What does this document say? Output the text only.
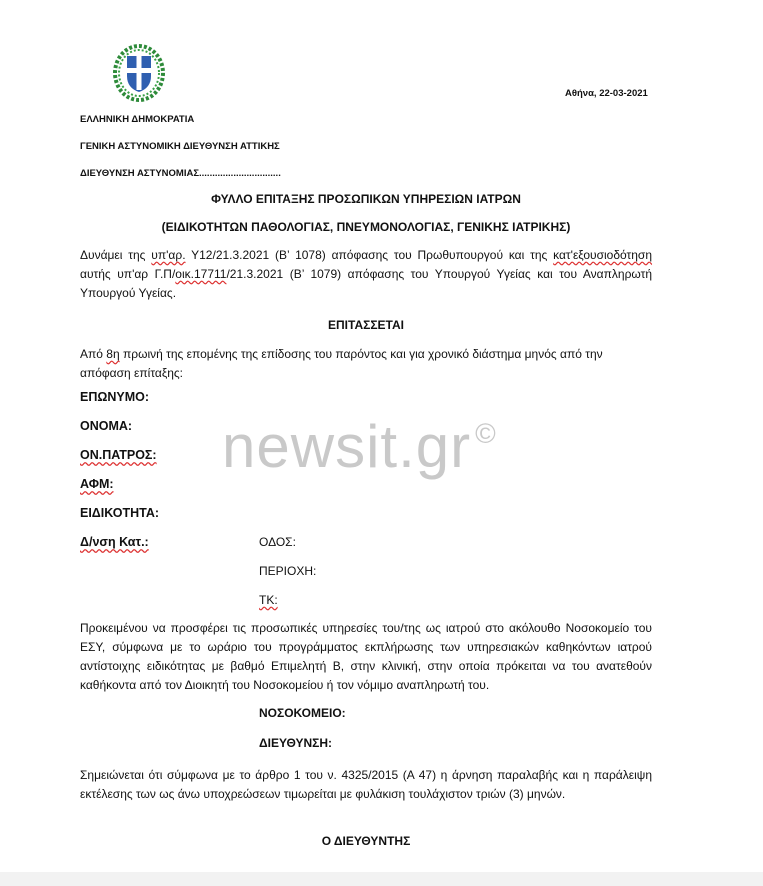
Αθήνα, 22-03-2021
ΕΛΛΗΝΙΚΗ ΔΗΜΟΚΡΑΤΙΑ
ΓΕΝΙΚΗ ΑΣΤΥΝΟΜΙΚΗ ΔΙΕΥΘΥΝΣΗ ΑΤΤΙΚΗΣ
ΔΙΕΥΘΥΝΣΗ ΑΣΤΥΝΟΜΙΑΣ...............................
ΦΥΛΛΟ ΕΠΙΤΑΞΗΣ ΠΡΟΣΩΠΙΚΩΝ ΥΠΗΡΕΣΙΩΝ ΙΑΤΡΩΝ
(ΕΙΔΙΚΟΤΗΤΩΝ ΠΑΘΟΛΟΓΙΑΣ, ΠΝΕΥΜΟΝΟΛΟΓΙΑΣ, ΓΕΝΙΚΗΣ ΙΑΤΡΙΚΗΣ)
Δυνάμει της υπ'αρ. Υ12/21.3.2021 (Β’ 1078) απόφασης του Πρωθυπουργού και της κατ'εξουσιοδότηση αυτής υπ'αρ Γ.Π/οικ.17711/21.3.2021 (Β’ 1079) απόφασης του Υπουργού Υγείας και του Αναπληρωτή Υπουργού Υγείας.
ΕΠΙΤΑΣΣΕΤΑΙ
Από 8η πρωινή της επομένης της επίδοσης του παρόντος και για χρονικό διάστημα μηνός από την απόφαση επίταξης:
ΕΠΩΝΥΜΟ:
ΟΝΟΜΑ:
ΟΝ.ΠΑΤΡΟΣ:
ΑΦΜ:
ΕΙΔΙΚΟΤΗΤΑ:
Δ/νση Κατ.:	ΟΔΟΣ:
ΠΕΡΙΟΧΗ:
ΤΚ:
Προκειμένου να προσφέρει τις προσωπικές υπηρεσίες του/της ως ιατρού στο ακόλουθο Νοσοκομείο του ΕΣΥ, σύμφωνα με το ωράριο του προγράμματος εκπλήρωσης των υπηρεσιακών καθηκόντων ιατρού αντίστοιχης ειδικότητας με βαθμό Επιμελητή Β, στην κλινική, στην οποία πρόκειται να του ανατεθούν καθήκοντα από τον Διοικητή του Νοσοκομείου ή τον νόμιμο αναπληρωτή του.
ΝΟΣΟΚΟΜΕΙΟ:
ΔΙΕΥΘΥΝΣΗ:
Σημειώνεται ότι σύμφωνα με το άρθρο 1 του ν. 4325/2015 (Α 47) η άρνηση παραλαβής και η παράλειψη εκτέλεσης των ως άνω υποχρεώσεων τιμωρείται με φυλάκιση τουλάχιστον τριών (3) μηνών.
Ο ΔΙΕΥΘΥΝΤΗΣ
newsit.gr ©
